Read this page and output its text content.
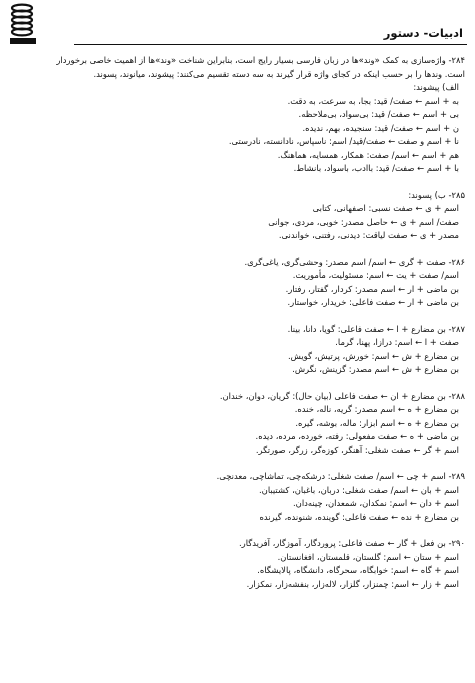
ادبیات- دستور
۲۸۴- واژه‌سازی به کمک «وند»ها در زبان فارسی بسیار رایج است، بنابراین شناخت «وند»ها از اهمیت خاصی برخوردار
است. وندها را بر حسب اینکه در کجای واژه قرار گیرند به سه دسته تقسیم می‌کنند: پیشوند، میانوند، پسوند.
الف) پیشوند:
به + اسم ← صفت/ قید: بجا، به سرعت، به دقت.
بی + اسم ← صفت/ قید: بی‌سواد، بی‌ملاحظه.
ن + اسم ← صفت/ قید: سنجیده، بهم، ندیده.
نا + اسم و صفت ← صفت/قید/ اسم: ناسپاس، نادانسته، نادرستی.
هم + اسم ← اسم/ صفت: همکار، همسایه، هماهنگ.
با + اسم ← صفت/ قید: باادب، باسواد، بانشاط.
۲۸۵- ب) پسوند:
اسم + ی ← صفت نسبی: اصفهانی، کتابی
صفت/ اسم + ی ← حاصل مصدر: خوبی، مردی، جوانی
مصدر + ی ← صفت لیاقت: دیدنی، رفتنی، خواندنی.
۲۸۶- صفت + گری ← اسم/ اسم مصدر: وحشی‌گری، یاغی‌گری.
اسم/ صفت + یت ← اسم: مسئولیت، مأموریت.
بن ماضی + ار ← اسم مصدر: کردار، گفتار، رفتار.
بن ماضی + ار ← صفت فاعلی: خریدار، خواستار.
۲۸۷- بن مضارع + ا ← صفت فاعلی: گویا، دانا، بینا.
صفت + ا ← اسم: درازا، پهنا، گرما.
بن مضارع + ش ← اسم: خورش، پرتیش، گویش.
بن مضارع + ش ← اسم مصدر: گزینش، نگرش.
۲۸۸- بن مضارع + ان ← صفت فاعلی (بیان حال): گریان، دوان، خندان.
بن مضارع + ه ← اسم مصدر: گریه، ناله، خنده.
بن مضارع + ه ← اسم ابزار: ماله، بوشه، گیره.
بن ماضی + ه ← صفت مفعولی: رفته، خورده، مرده، دیده.
اسم + گر ← صفت شغلی: آهنگر، کوزه‌گر، زرگر، صورتگر.
۲۸۹- اسم + چی ← اسم/ صفت شغلی: درشکه‌چی، تماشاچی، معدنچی.
اسم + بان ← اسم/ صفت شغلی: دربان، باغبان، کشتیبان.
اسم + دان ← اسم: نمکدان، شمعدان، چینه‌دان.
بن مضارع + نده ← صفت فاعلی: گوینده، شنونده، گیرنده
۲۹۰- بن فعل + گار ← صفت فاعلی: پروردگار، آموزگار، آفریدگار.
اسم + ستان ← اسم: گلستان، قلمستان، افغانستان.
اسم + گاه ← اسم: خوابگاه، سحرگاه، دانشگاه، پالایشگاه.
اسم + زار ← اسم: چمنزار، گلزار، لاله‌زار، بنفشه‌زار، نمکزار.
